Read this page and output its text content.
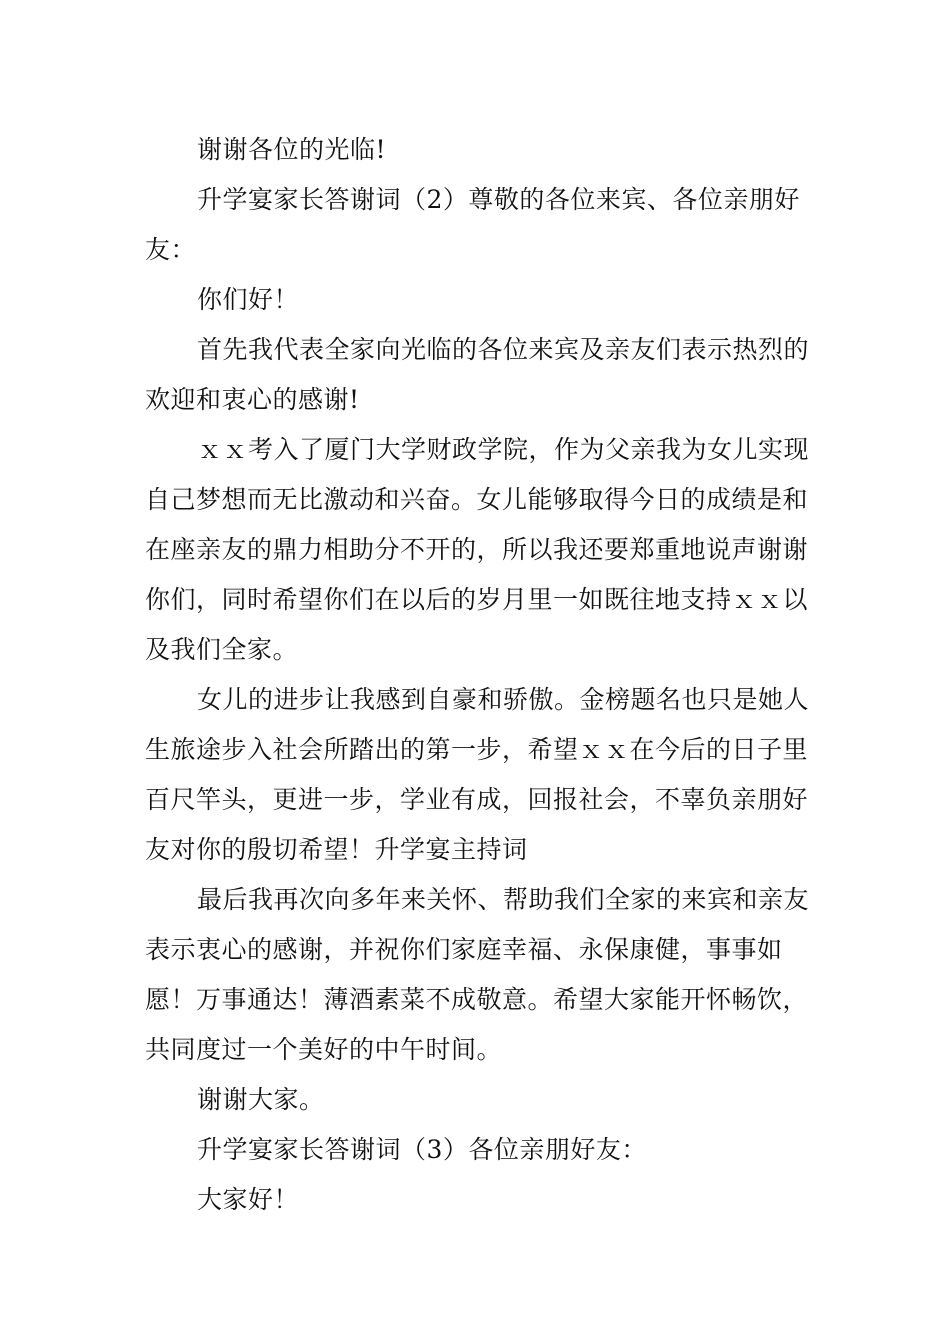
谢谢各位的光临!

升学宴家长答谢词（2）尊敬的各位来宾、各位亲朋好友：

你们好！

首先我代表全家向光临的各位来宾及亲友们表示热烈的欢迎和衷心的感谢!

ｘｘ考入了厦门大学财政学院，作为父亲我为女儿实现自己梦想而无比激动和兴奋。女儿能够取得今日的成绩是和在座亲友的鼎力相助分不开的，所以我还要郑重地说声谢谢你们，同时希望你们在以后的岁月里一如既往地支持ｘｘ以及我们全家。

女儿的进步让我感到自豪和骄傲。金榜题名也只是她人生旅途步入社会所踏出的第一步，希望ｘｘ在今后的日子里百尺竿头，更进一步，学业有成，回报社会，不辜负亲朋好友对你的殷切希望！升学宴主持词

最后我再次向多年来关怀、帮助我们全家的来宾和亲友表示衷心的感谢，并祝你们家庭幸福、永保康健，事事如愿！万事通达！薄酒素菜不成敬意。希望大家能开怀畅饮，共同度过一个美好的中午时间。

谢谢大家。

升学宴家长答谢词（3）各位亲朋好友：

大家好！
